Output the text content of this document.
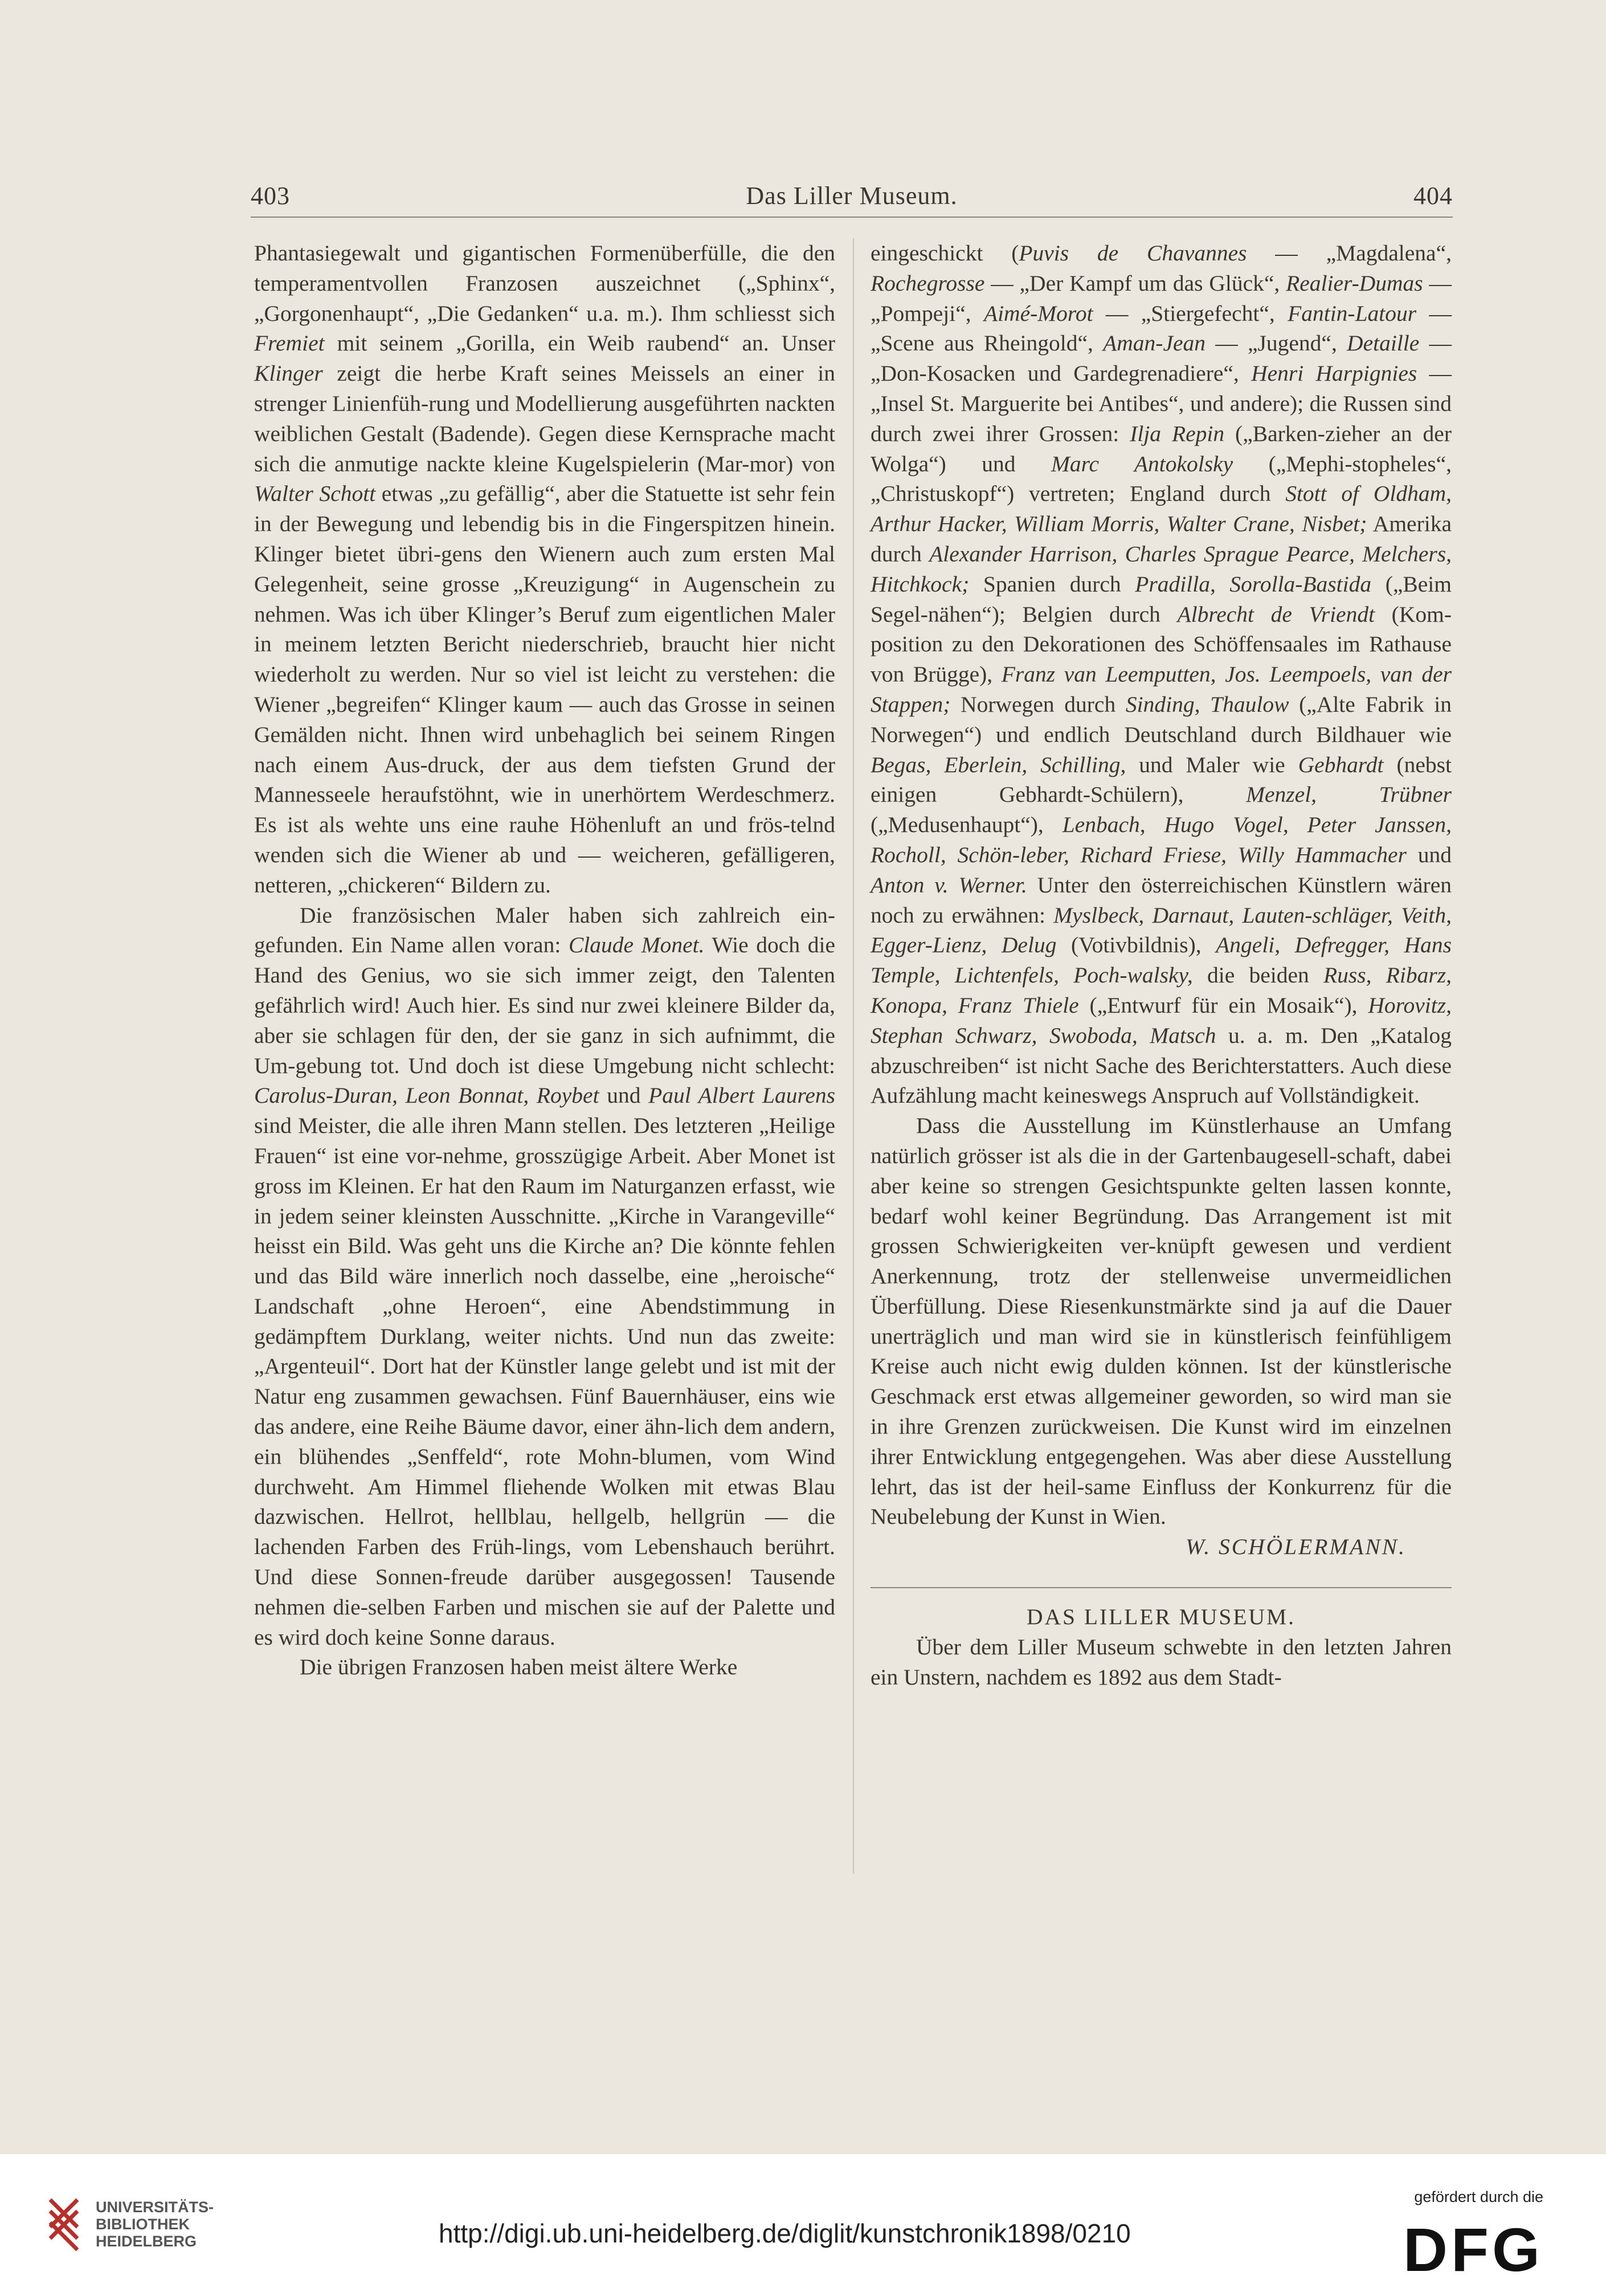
403	Das Liller Museum.	404

Phantasiegewalt und gigantischen Formenüberfülle, die den temperamentvollen Franzosen auszeichnet („Sphinx“, „Gorgonenhaupt“, „Die Gedanken“ u.a. m.). Ihm schliesst sich Fremiet mit seinem „Gorilla, ein Weib raubend“ an. Unser Klinger zeigt die herbe Kraft seines Meissels an einer in strenger Linienfüh-rung und Modellierung ausgeführten nackten weiblichen Gestalt (Badende). Gegen diese Kernsprache macht sich die anmutige nackte kleine Kugelspielerin (Mar-mor) von Walter Schott etwas „zu gefällig“, aber die Statuette ist sehr fein in der Bewegung und lebendig bis in die Fingerspitzen hinein. Klinger bietet übri-gens den Wienern auch zum ersten Mal Gelegenheit, seine grosse „Kreuzigung“ in Augenschein zu nehmen. Was ich über Klinger’s Beruf zum eigentlichen Maler in meinem letzten Bericht niederschrieb, braucht hier nicht wiederholt zu werden. Nur so viel ist leicht zu verstehen: die Wiener „begreifen“ Klinger kaum — auch das Grosse in seinen Gemälden nicht. Ihnen wird unbehaglich bei seinem Ringen nach einem Aus-druck, der aus dem tiefsten Grund der Mannesseele heraufstöhnt, wie in unerhörtem Werdeschmerz. Es ist als wehte uns eine rauhe Höhenluft an und frös-telnd wenden sich die Wiener ab und — weicheren, gefälligeren, netteren, „chickeren“ Bildern zu.

Die französischen Maler haben sich zahlreich ein-gefunden. Ein Name allen voran: Claude Monet. Wie doch die Hand des Genius, wo sie sich immer zeigt, den Talenten gefährlich wird! Auch hier. Es sind nur zwei kleinere Bilder da, aber sie schlagen für den, der sie ganz in sich aufnimmt, die Um-gebung tot. Und doch ist diese Umgebung nicht schlecht: Carolus-Duran, Leon Bonnat, Roybet und Paul Albert Laurens sind Meister, die alle ihren Mann stellen. Des letzteren „Heilige Frauen“ ist eine vor-nehme, grosszügige Arbeit. Aber Monet ist gross im Kleinen. Er hat den Raum im Naturganzen erfasst, wie in jedem seiner kleinsten Ausschnitte. „Kirche in Varangeville“ heisst ein Bild. Was geht uns die Kirche an? Die könnte fehlen und das Bild wäre innerlich noch dasselbe, eine „heroische“ Landschaft „ohne Heroen“, eine Abendstimmung in gedämpftem Durklang, weiter nichts. Und nun das zweite: „Argenteuil“. Dort hat der Künstler lange gelebt und ist mit der Natur eng zusammen gewachsen. Fünf Bauernhäuser, eins wie das andere, eine Reihe Bäume davor, einer ähn-lich dem andern, ein blühendes „Senffeld“, rote Mohn-blumen, vom Wind durchweht. Am Himmel fliehende Wolken mit etwas Blau dazwischen. Hellrot, hellblau, hellgelb, hellgrün — die lachenden Farben des Früh-lings, vom Lebenshauch berührt. Und diese Sonnen-freude darüber ausgegossen! Tausende nehmen die-selben Farben und mischen sie auf der Palette und es wird doch keine Sonne daraus.

Die übrigen Franzosen haben meist ältere Werke

eingeschickt (Puvis de Chavannes — „Magdalena“, Rochegrosse — „Der Kampf um das Glück“, Realier-Dumas — „Pompeji“, Aimé-Morot — „Stiergefecht“, Fantin-Latour — „Scene aus Rheingold“, Aman-Jean — „Jugend“, Detaille — „Don-Kosacken und Gardegrenadiere“, Henri Harpignies — „Insel St. Marguerite bei Antibes“, und andere); die Russen sind durch zwei ihrer Grossen: Ilja Repin („Barken-zieher an der Wolga“) und Marc Antokolsky („Mephi-stopheles“, „Christuskopf“) vertreten; England durch Stott of Oldham, Arthur Hacker, William Morris, Walter Crane, Nisbet; Amerika durch Alexander Harrison, Charles Sprague Pearce, Melchers, Hitchkock; Spanien durch Pradilla, Sorolla-Bastida („Beim Segel-nähen“); Belgien durch Albrecht de Vriendt (Kom-position zu den Dekorationen des Schöffensaales im Rathause von Brügge), Franz van Leemputten, Jos. Leempoels, van der Stappen; Norwegen durch Sinding, Thaulow („Alte Fabrik in Norwegen“) und endlich Deutschland durch Bildhauer wie Begas, Eberlein, Schilling, und Maler wie Gebhardt (nebst einigen Gebhardt-Schülern), Menzel, Trübner („Medusenhaupt“), Lenbach, Hugo Vogel, Peter Janssen, Rocholl, Schön-leber, Richard Friese, Willy Hammacher und Anton v. Werner. Unter den österreichischen Künstlern wären noch zu erwähnen: Myslbeck, Darnaut, Lauten-schläger, Veith, Egger-Lienz, Delug (Votivbildnis), Angeli, Defregger, Hans Temple, Lichtenfels, Poch-walsky, die beiden Russ, Ribarz, Konopa, Franz Thiele („Entwurf für ein Mosaik“), Horovitz, Stephan Schwarz, Swoboda, Matsch u. a. m. Den „Katalog abzuschreiben“ ist nicht Sache des Berichterstatters. Auch diese Aufzählung macht keineswegs Anspruch auf Vollständigkeit.

Dass die Ausstellung im Künstlerhause an Umfang natürlich grösser ist als die in der Gartenbaugesell-schaft, dabei aber keine so strengen Gesichtspunkte gelten lassen konnte, bedarf wohl keiner Begründung. Das Arrangement ist mit grossen Schwierigkeiten ver-knüpft gewesen und verdient Anerkennung, trotz der stellenweise unvermeidlichen Überfüllung. Diese Riesenkunstmärkte sind ja auf die Dauer unerträglich und man wird sie in künstlerisch feinfühligem Kreise auch nicht ewig dulden können. Ist der künstlerische Geschmack erst etwas allgemeiner geworden, so wird man sie in ihre Grenzen zurückweisen. Die Kunst wird im einzelnen ihrer Entwicklung entgegengehen. Was aber diese Ausstellung lehrt, das ist der heil-same Einfluss der Konkurrenz für die Neubelebung der Kunst in Wien.

W. SCHÖLERMANN.

DAS LILLER MUSEUM.

Über dem Liller Museum schwebte in den letzten Jahren ein Unstern, nachdem es 1892 aus dem Stadt-

UNIVERSITÄTS-
BIBLIOTHEK
HEIDELBERG	http://digi.ub.uni-heidelberg.de/diglit/kunstchronik1898/0210
gefördert durch die
DFG
